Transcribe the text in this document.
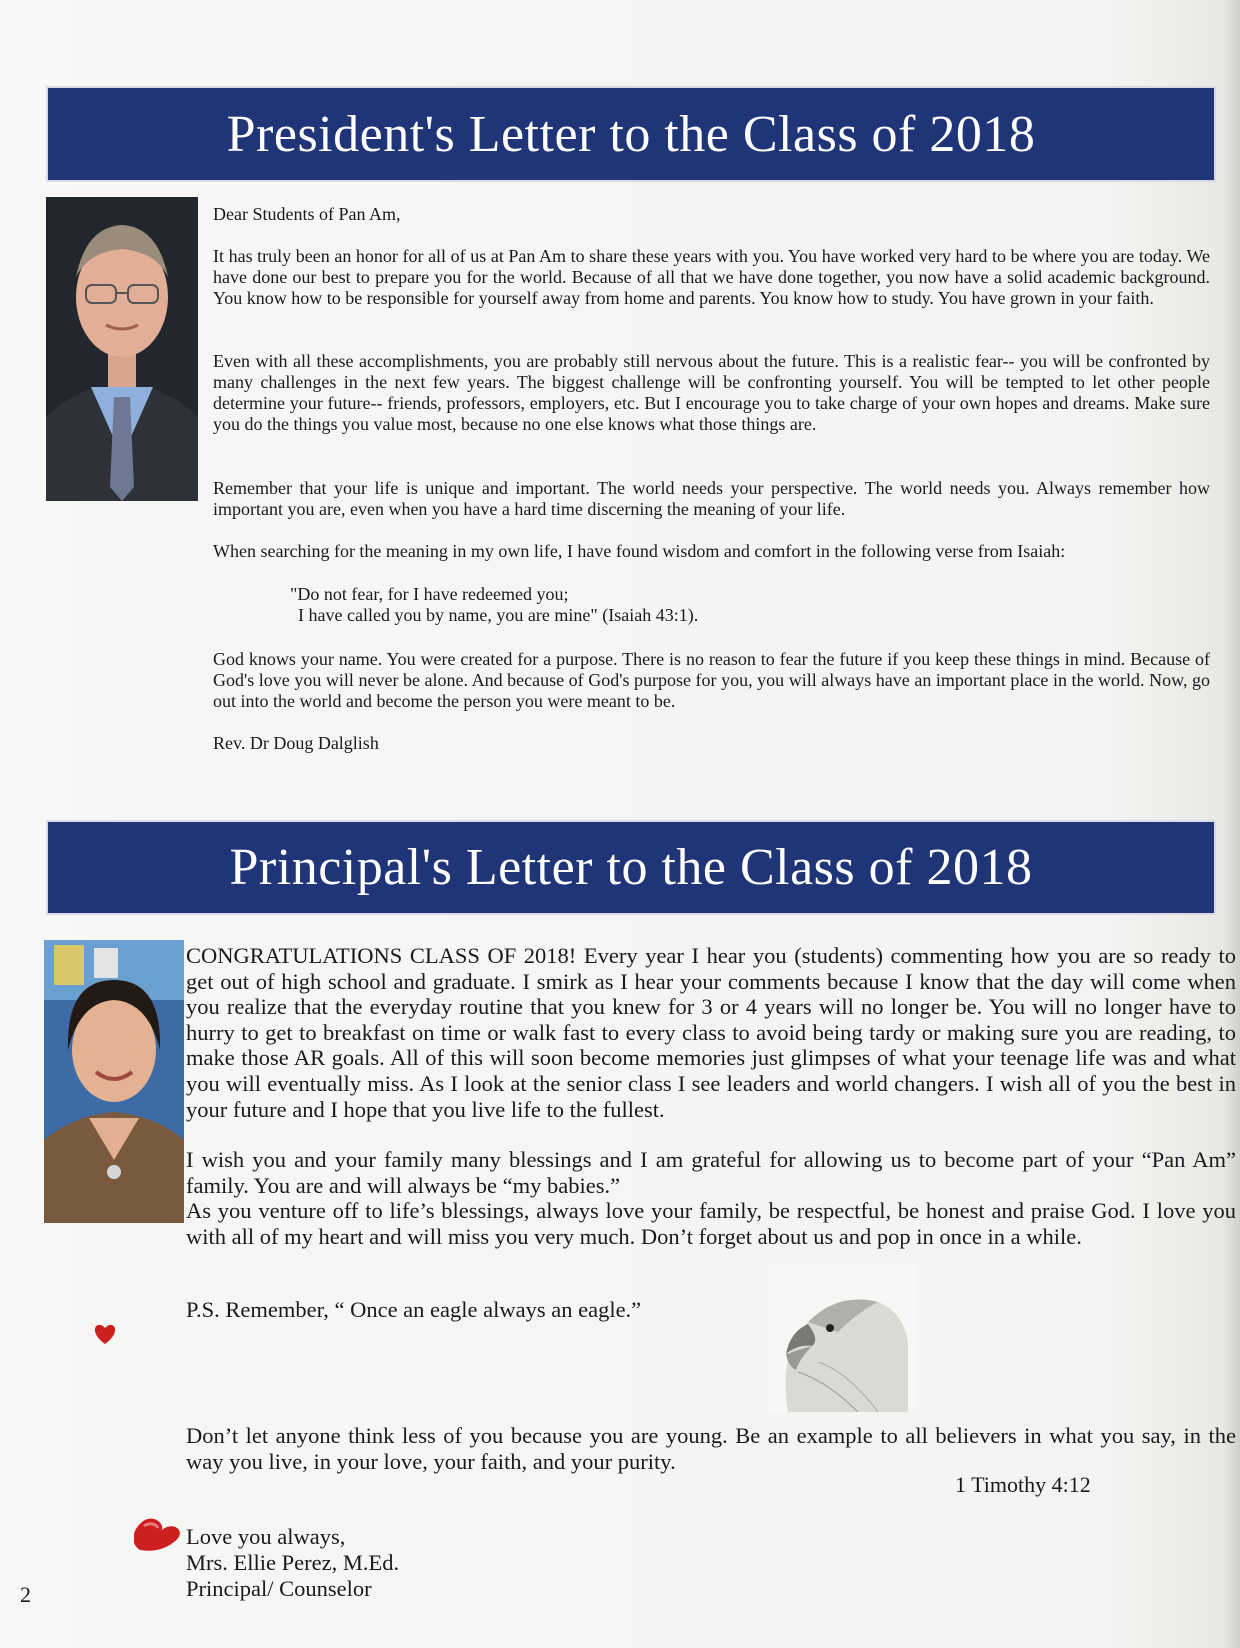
President's Letter to the Class of 2018
Dear Students of Pan Am,
It has truly been an honor for all of us at Pan Am to share these years with you. You have worked very hard to be where you are today. We have done our best to prepare you for the world. Because of all that we have done together, you now have a solid academic background. You know how to be responsible for yourself away from home and parents. You know how to study. You have grown in your faith.
Even with all these accomplishments, you are probably still nervous about the future. This is a realistic fear-- you will be confronted by many challenges in the next few years. The biggest challenge will be confronting yourself. You will be tempted to let other people determine your future-- friends, professors, employers, etc. But I encourage you to take charge of your own hopes and dreams. Make sure you do the things you value most, because no one else knows what those things are.
Remember that your life is unique and important. The world needs your perspective. The world needs you. Always remember how important you are, even when you have a hard time discerning the meaning of your life.
When searching for the meaning in my own life, I have found wisdom and comfort in the following verse from Isaiah:
"Do not fear, for I have redeemed you;
I have called you by name, you are mine" (Isaiah 43:1).
God knows your name. You were created for a purpose. There is no reason to fear the future if you keep these things in mind. Because of God's love you will never be alone. And because of God's purpose for you, you will always have an important place in the world. Now, go out into the world and become the person you were meant to be.
Rev. Dr Doug Dalglish
Principal's Letter to the Class of 2018
CONGRATULATIONS CLASS OF 2018! Every year I hear you (students) commenting how you are so ready to get out of high school and graduate. I smirk as I hear your comments because I know that the day will come when you realize that the everyday routine that you knew for 3 or 4 years will no longer be. You will no longer have to hurry to get to breakfast on time or walk fast to every class to avoid being tardy or making sure you are reading, to make those AR goals. All of this will soon become memories just glimpses of what your teenage life was and what you will eventually miss. As I look at the senior class I see leaders and world changers. I wish all of you the best in your future and I hope that you live life to the fullest.
I wish you and your family many blessings and I am grateful for allowing us to become part of your “Pan Am” family. You are and will always be “my babies.”
As you venture off to life’s blessings, always love your family, be respectful, be honest and praise God. I love you with all of my heart and will miss you very much. Don’t forget about us and pop in once in a while.
P.S. Remember, “ Once an eagle always an eagle.”
Don’t let anyone think less of you because you are young. Be an example to all believers in what you say, in the way you live, in your love, your faith, and your purity.
1 Timothy 4:12
Love you always,
Mrs. Ellie Perez, M.Ed.
Principal/ Counselor
2
